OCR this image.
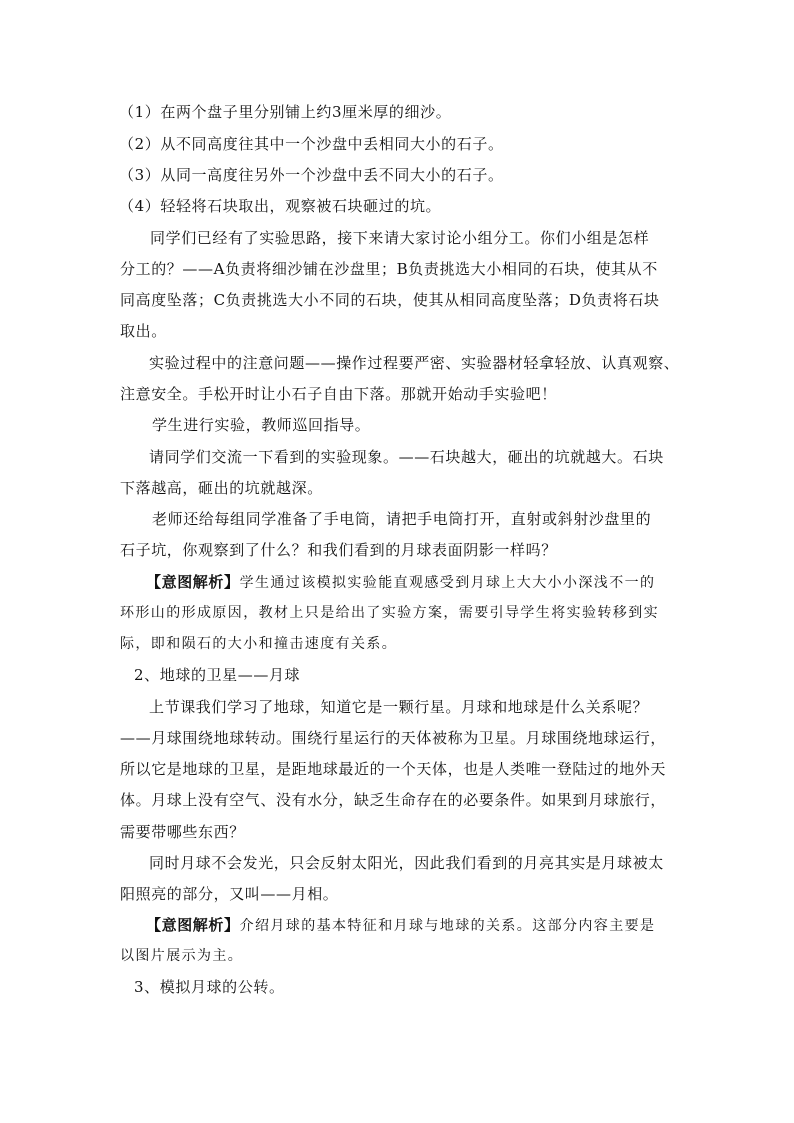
（1）在两个盘子里分别铺上约3厘米厚的细沙。
（2）从不同高度往其中一个沙盘中丢相同大小的石子。
（3）从同一高度往另外一个沙盘中丢不同大小的石子。
（4）轻轻将石块取出，观察被石块砸过的坑。
同学们已经有了实验思路，接下来请大家讨论小组分工。你们小组是怎样
分工的？——A负责将细沙铺在沙盘里；B负责挑选大小相同的石块，使其从不
同高度坠落；C负责挑选大小不同的石块，使其从相同高度坠落；D负责将石块
取出。
实验过程中的注意问题——操作过程要严密、实验器材轻拿轻放、认真观察、
注意安全。手松开时让小石子自由下落。那就开始动手实验吧！
学生进行实验，教师巡回指导。
请同学们交流一下看到的实验现象。——石块越大，砸出的坑就越大。石块
下落越高，砸出的坑就越深。
老师还给每组同学准备了手电筒，请把手电筒打开，直射或斜射沙盘里的
石子坑，你观察到了什么？和我们看到的月球表面阴影一样吗？
【意图解析】学生通过该模拟实验能直观感受到月球上大大小小深浅不一的
环形山的形成原因，教材上只是给出了实验方案，需要引导学生将实验转移到实
际，即和陨石的大小和撞击速度有关系。
2、地球的卫星——月球
上节课我们学习了地球，知道它是一颗行星。月球和地球是什么关系呢？
——月球围绕地球转动。围绕行星运行的天体被称为卫星。月球围绕地球运行，
所以它是地球的卫星，是距地球最近的一个天体，也是人类唯一登陆过的地外天
体。月球上没有空气、没有水分，缺乏生命存在的必要条件。如果到月球旅行，
需要带哪些东西？
同时月球不会发光，只会反射太阳光，因此我们看到的月亮其实是月球被太
阳照亮的部分，又叫——月相。
【意图解析】介绍月球的基本特征和月球与地球的关系。这部分内容主要是
以图片展示为主。
3、模拟月球的公转。
